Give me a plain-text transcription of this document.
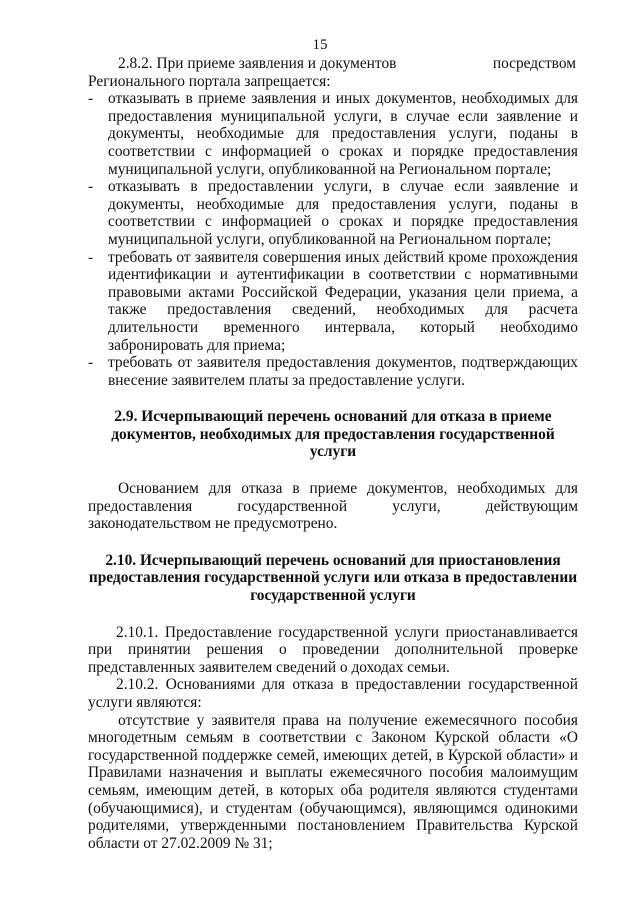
15
2.8.2. При приеме заявления и документов	посредством

Регионального портала запрещается:

- отказывать в приеме заявления и иных документов, необходимых для предоставления муниципальной услуги, в случае если заявление и документы, необходимые для предоставления услуги, поданы в соответствии с информацией о сроках и порядке предоставления муниципальной услуги, опубликованной на Региональном портале;

- отказывать в предоставлении услуги, в случае если заявление и документы, необходимые для предоставления услуги, поданы в соответствии с информацией о сроках и порядке предоставления муниципальной услуги, опубликованной на Региональном портале;

- требовать от заявителя совершения иных действий кроме прохождения идентификации и аутентификации в соответствии с нормативными правовыми актами Российской Федерации, указания цели приема, а также предоставления сведений, необходимых для расчета длительности временного интервала, который необходимо забронировать для приема;

- требовать от заявителя предоставления документов, подтверждающих внесение заявителем платы за предоставление услуги.

2.9. Исчерпывающий перечень оснований для отказа в приеме документов, необходимых для предоставления государственной услуги

Основанием для отказа в приеме документов, необходимых для предоставления государственной услуги, действующим законодательством не предусмотрено.

2.10. Исчерпывающий перечень оснований для приостановления предоставления государственной услуги или отказа в предоставлении государственной услуги

2.10.1. Предоставление государственной услуги приостанавливается при принятии решения о проведении дополнительной проверке представленных заявителем сведений о доходах семьи.

2.10.2. Основаниями для отказа в предоставлении государственной услуги являются:

отсутствие у заявителя права на получение ежемесячного пособия многодетным семьям в соответствии с Законом Курской области «О государственной поддержке семей, имеющих детей, в Курской области» и Правилами назначения и выплаты ежемесячного пособия малоимущим семьям, имеющим детей, в которых оба родителя являются студентами (обучающимися), и студентам (обучающимся), являющимся одинокими родителями, утвержденными постановлением Правительства Курской области от 27.02.2009 № 31;
